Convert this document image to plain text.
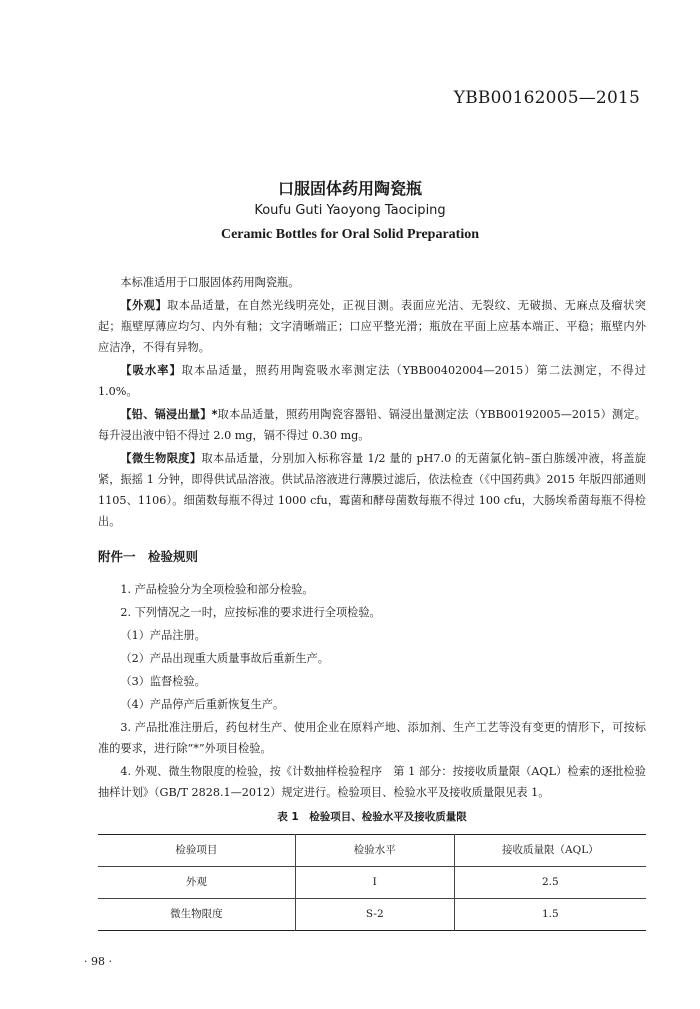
YBB00162005—2015
口服固体药用陶瓷瓶
Koufu Guti Yaoyong Taociping
Ceramic Bottles for Oral Solid Preparation

本标准适用于口服固体药用陶瓷瓶。

【外观】取本品适量，在自然光线明亮处，正视目测。表面应光洁、无裂纹、无破损、无麻点及瘤状突起；瓶壁厚薄应均匀、内外有釉；文字清晰端正；口应平整光滑；瓶放在平面上应基本端正、平稳；瓶壁内外应洁净，不得有异物。

【吸水率】取本品适量，照药用陶瓷吸水率测定法（YBB00402004—2015）第二法测定，不得过1.0%。

【铅、镉浸出量】*取本品适量，照药用陶瓷容器铅、镉浸出量测定法（YBB00192005—2015）测定。每升浸出液中铅不得过 2.0 mg，镉不得过 0.30 mg。

【微生物限度】取本品适量，分别加入标称容量 1/2 量的 pH7.0 的无菌氯化钠–蛋白胨缓冲液，将盖旋紧，振摇 1 分钟，即得供试品溶液。供试品溶液进行薄膜过滤后，依法检查（《中国药典》2015 年版四部通则 1105、1106）。细菌数每瓶不得过 1000 cfu，霉菌和酵母菌数每瓶不得过 100 cfu，大肠埃希菌每瓶不得检出。

附件一　检验规则

1. 产品检验分为全项检验和部分检验。

2. 下列情况之一时，应按标准的要求进行全项检验。

（1）产品注册。

（2）产品出现重大质量事故后重新生产。

（3）监督检验。

（4）产品停产后重新恢复生产。

3. 产品批准注册后，药包材生产、使用企业在原料产地、添加剂、生产工艺等没有变更的情形下，可按标准的要求，进行除“*”外项目检验。

4. 外观、微生物限度的检验，按《计数抽样检验程序　第 1 部分：按接收质量限（AQL）检索的逐批检验抽样计划》（GB/T 2828.1—2012）规定进行。检验项目、检验水平及接收质量限见表 1。

表 1　检验项目、检验水平及接收质量限
检验项目	检验水平	接收质量限（AQL）
外观	I	2.5
微生物限度	S-2	1.5
· 98 ·
